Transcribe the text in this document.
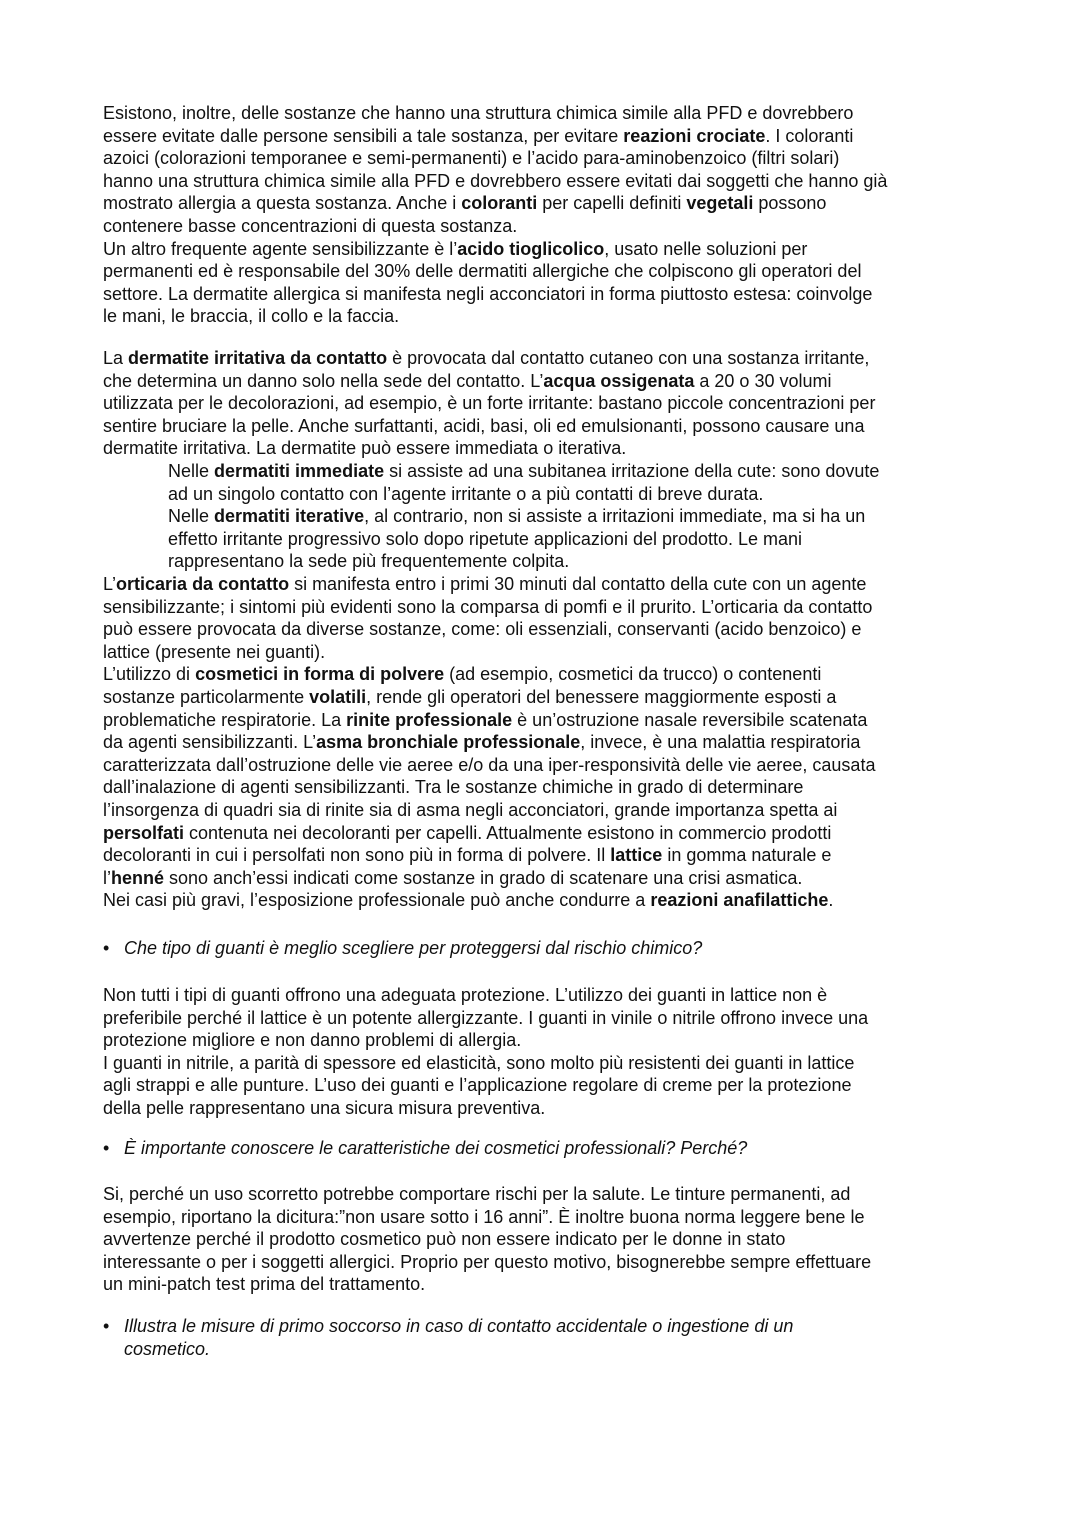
Esistono, inoltre, delle sostanze che hanno una struttura chimica simile alla PFD e dovrebbero
essere evitate dalle persone sensibili a tale sostanza, per evitare reazioni crociate. I coloranti
azoici (colorazioni temporanee e semi-permanenti) e l’acido para-aminobenzoico (filtri solari)
hanno una struttura chimica simile alla PFD e dovrebbero essere evitati dai soggetti che hanno già
mostrato allergia a questa sostanza. Anche i coloranti per capelli definiti vegetali possono
contenere basse concentrazioni di questa sostanza.
Un altro frequente agente sensibilizzante è l’acido tioglicolico, usato nelle soluzioni per
permanenti ed è responsabile del 30% delle dermatiti allergiche che colpiscono gli operatori del
settore. La dermatite allergica si manifesta negli acconciatori in forma piuttosto estesa: coinvolge
le mani, le braccia, il collo e la faccia.
La dermatite irritativa da contatto è provocata dal contatto cutaneo con una sostanza irritante,
che determina un danno solo nella sede del contatto. L’acqua ossigenata a 20 o 30 volumi
utilizzata per le decolorazioni, ad esempio, è un forte irritante: bastano piccole concentrazioni per
sentire bruciare la pelle. Anche surfattanti, acidi, basi, oli ed emulsionanti, possono causare una
dermatite irritativa. La dermatite può essere immediata o iterativa.
Nelle dermatiti immediate si assiste ad una subitanea irritazione della cute: sono dovute
ad un singolo contatto con l’agente irritante o a più contatti di breve durata.
Nelle dermatiti iterative, al contrario, non si assiste a irritazioni immediate, ma si ha un
effetto irritante progressivo solo dopo ripetute applicazioni del prodotto. Le mani
rappresentano la sede più frequentemente colpita.
L’orticaria da contatto si manifesta entro i primi 30 minuti dal contatto della cute con un agente
sensibilizzante; i sintomi più evidenti sono la comparsa di pomfi e il prurito. L’orticaria da contatto
può essere provocata da diverse sostanze, come: oli essenziali, conservanti (acido benzoico) e
lattice (presente nei guanti).
L’utilizzo di cosmetici in forma di polvere (ad esempio, cosmetici da trucco) o contenenti
sostanze particolarmente volatili, rende gli operatori del benessere maggiormente esposti a
problematiche respiratorie. La rinite professionale è un’ostruzione nasale reversibile scatenata
da agenti sensibilizzanti. L’asma bronchiale professionale, invece, è una malattia respiratoria
caratterizzata dall’ostruzione delle vie aeree e/o da una iper-responsività delle vie aeree, causata
dall’inalazione di agenti sensibilizzanti. Tra le sostanze chimiche in grado di determinare
l’insorgenza di quadri sia di rinite sia di asma negli acconciatori, grande importanza spetta ai
persolfati contenuta nei decoloranti per capelli. Attualmente esistono in commercio prodotti
decoloranti in cui i persolfati non sono più in forma di polvere. Il lattice in gomma naturale e
l’henné sono anch’essi indicati come sostanze in grado di scatenare una crisi asmatica.
Nei casi più gravi, l’esposizione professionale può anche condurre a reazioni anafilattiche.
Non tutti i tipi di guanti offrono una adeguata protezione. L’utilizzo dei guanti in lattice non è
preferibile perché il lattice è un potente allergizzante. I guanti in vinile o nitrile offrono invece una
protezione migliore e non danno problemi di allergia.
I guanti in nitrile, a parità di spessore ed elasticità, sono molto più resistenti dei guanti in lattice
agli strappi e alle punture. L’uso dei guanti e l’applicazione regolare di creme per la protezione
della pelle rappresentano una sicura misura preventiva.
Si, perché un uso scorretto potrebbe comportare rischi per la salute. Le tinture permanenti, ad
esempio, riportano la dicitura:”non usare sotto i 16 anni”. È inoltre buona norma leggere bene le
avvertenze perché il prodotto cosmetico può non essere indicato per le donne in stato
interessante o per i soggetti allergici. Proprio per questo motivo, bisognerebbe sempre effettuare
un mini-patch test prima del trattamento.
• Che tipo di guanti è meglio scegliere per proteggersi dal rischio chimico?
• È importante conoscere le caratteristiche dei cosmetici professionali? Perché?
• Illustra le misure di primo soccorso in caso di contatto accidentale o ingestione di un
cosmetico.
